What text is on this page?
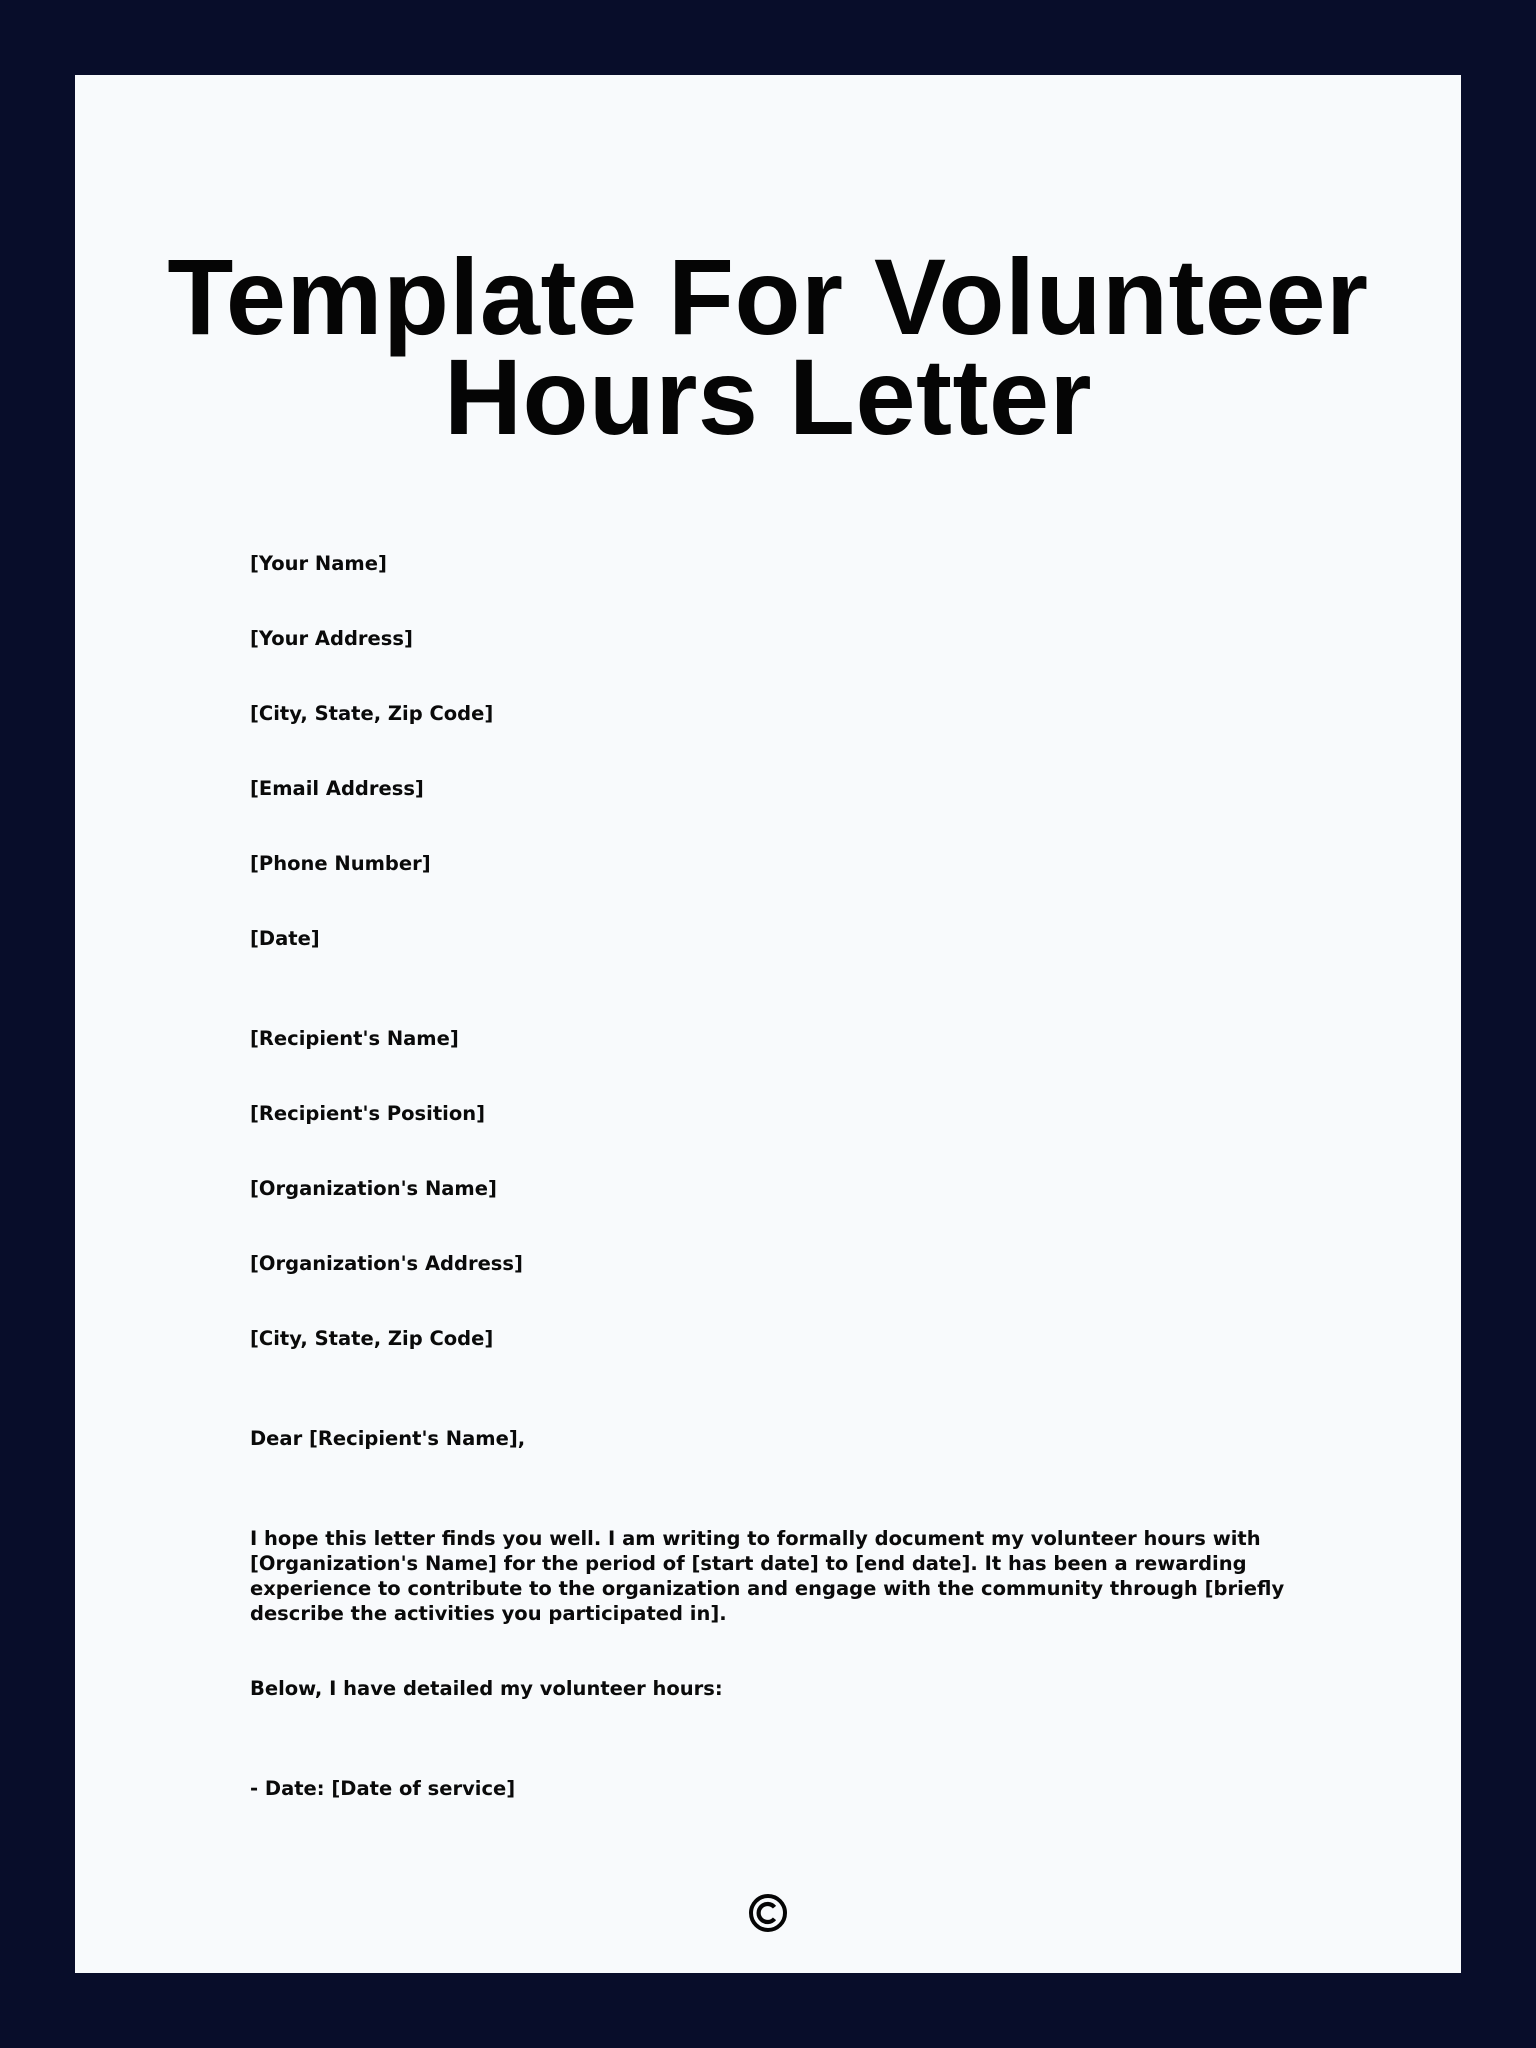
Template For Volunteer
Hours Letter

[Your Name]

[Your Address]

[City, State, Zip Code]

[Email Address]

[Phone Number]

[Date]

[Recipient's Name]

[Recipient's Position]

[Organization's Name]

[Organization's Address]

[City, State, Zip Code]

Dear [Recipient's Name],

I hope this letter finds you well. I am writing to formally document my volunteer hours with [Organization's Name] for the period of [start date] to [end date]. It has been a rewarding experience to contribute to the organization and engage with the community through [briefly describe the activities you participated in].

Below, I have detailed my volunteer hours:

- Date: [Date of service]
